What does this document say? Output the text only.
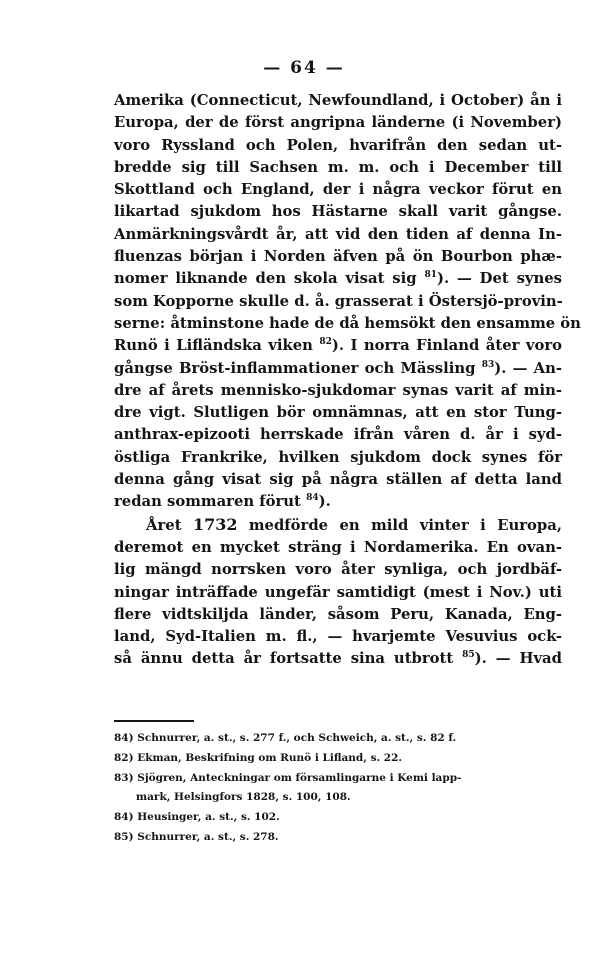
— 64 —
Amerika (Connecticut, Newfoundland, i October) ån i
Europa, der de först angripna länderne (i November)
voro Ryssland och Polen, hvarifrån den sedan ut-
bredde sig till Sachsen m. m. och i December till
Skottland och England, der i några veckor förut en
likartad sjukdom hos Hästarne skall varit gångse.
Anmärkningsvårdt år, att vid den tiden af denna In-
fluenzas början i Norden äfven på ön Bourbon phæ-
nomer liknande den skola visat sig $^{81}$). — Det synes
som Kopporne skulle d. å. grasserat i Östersjö-provin-
serne: åtminstone hade de då hemsökt den ensamme ön
Runö i Lifländska viken $^{82}$). I norra Finland åter voro
gångse Bröst-inflammationer och Mässling $^{83}$). — An-
dre af årets mennisko-sjukdomar synas varit af min-
dre vigt. Slutligen bör omnämnas, att en stor Tung-
anthrax-epizooti herrskade ifrån våren d. år i syd-
östliga Frankrike, hvilken sjukdom dock synes för
denna gång visat sig på några ställen af detta land
redan sommaren förut $^{84}$).
Året 1732 medförde en mild vinter i Europa,
deremot en mycket sträng i Nordamerika. En ovan-
lig mängd norrsken voro åter synliga, och jordbäf-
ningar inträffade ungefär samtidigt (mest i Nov.) uti
flere vidtskiljda länder, såsom Peru, Kanada, Eng-
land, Syd-Italien m. fl., — hvarjemte Vesuvius ock-
så ännu detta år fortsatte sina utbrott $^{85}$). — Hvad
84) Schnurrer, a. st., s. 277 f., och Schweich, a. st., s. 82 f.
82) Ekman, Beskrifning om Runö i Lifland, s. 22.
83) Sjögren, Anteckningar om församlingarne i Kemi lapp-
mark, Helsingfors 1828, s. 100, 108.
84) Heusinger, a. st., s. 102.
85) Schnurrer, a. st., s. 278.
